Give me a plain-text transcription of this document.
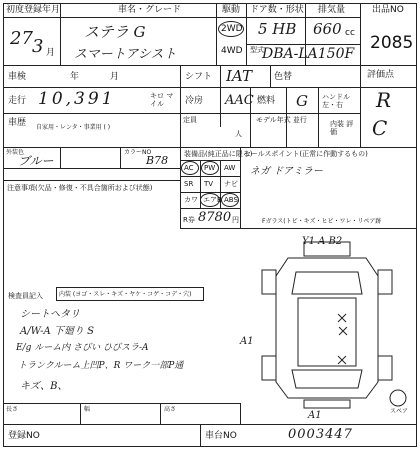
初度登録年月	車名・グレード	駆動 ドア数・形状 排気量	出品NO
27 3 月
ステラ G
スマートアシスト
2WD
4WD
5 HB 660 cc
型式
DBA-LA150F
2085
車検	年	月	シフト IAT 色替	評価点
R
走行 10,391	キロ マイル	冷房 AAC 燃料 G ハンドル 左・右
車歴 自家用・レンタ・事業用 ( )
定員
人
モデル年式 並行	内装 評価	C
外装色
ブルー
カラーNO
B78 装備品(純正品に限る)
AC PW AW
SR TV ナビ
カワ エアB ABS
R券 8780 円
セールスポイント(正常に作動するもの)
ネガ ドアミラー
注意事項(欠品・修復・不具合箇所および状態)
Fガラス(トビ・キズ・ヒビ・ワレ・リペア跡
検査員記入	内装 (ヨゴ・スレ・キズ・ヤケ・コゲ・コデ・穴)
シートヘタリ
A/W-A 下廻り S
E/g ルーム内 さびい ひびスラ-A
トランクルーム上凹P、R ワーク一部P通
キズ、B、
Y1 A B2
A1
A1	スペア
長さ	幅	高さ
登録NO	車台NO	0003447
